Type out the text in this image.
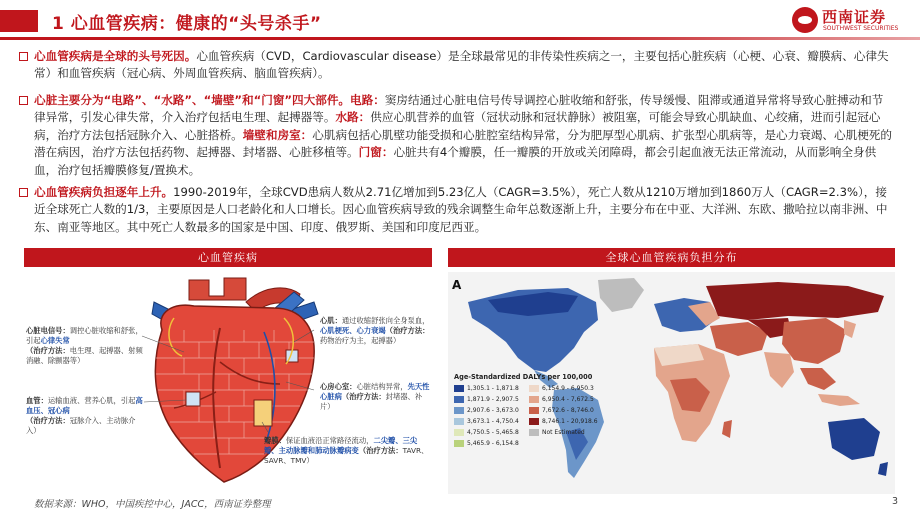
1 心血管疾病：健康的“头号杀手”	西南证券
SOUTHWEST SECURITIES
心血管疾病是全球的头号死因。心血管疾病（CVD，Cardiovascular disease）是全球最常见的非传染性疾病之一，主要包括心脏疾病（心梗、心衰、瓣膜病、心律失常）和血管疾病（冠心病、外周血管疾病、脑血管疾病）。
心脏主要分为“电路”、“水路”、“墙壁”和“门窗”四大部件。电路：窦房结通过心脏电信号传导调控心脏收缩和舒张，传导缓慢、阻滞或通道异常将导致心脏搏动和节律异常，引发心律失常，介入治疗包括电生理、起搏器等。水路：供应心肌营养的血管（冠状动脉和冠状静脉）被阻塞，可能会导致心肌缺血、心绞痛，进而引起冠心病，治疗方法包括冠脉介入、心脏搭桥。墙壁和房室：心肌病包括心肌壁功能受损和心脏腔室结构异常，分为肥厚型心肌病、扩张型心肌病等，是心力衰竭、心肌梗死的潜在病因，治疗方法包括药物、起搏器、封堵器、心脏移植等。门窗：心脏共有4个瓣膜，任一瓣膜的开放或关闭障碍，都会引起血液无法正常流动，从而影响全身供血，治疗包括瓣膜修复/置换术。
心血管疾病负担逐年上升。1990-2019年，全球CVD患病人数从2.71亿增加到5.23亿人（CAGR=3.5%），死亡人数从1210万增加到1860万人（CAGR=2.3%），接近全球死亡人数的1/3，主要原因是人口老龄化和人口增长。因心血管疾病导致的残余调整生命年总数逐渐上升，主要分布在中亚、大洋洲、东欧、撒哈拉以南非洲、中东、南亚等地区。其中死亡人数最多的国家是中国、印度、俄罗斯、美国和印度尼西亚。
心血管疾病	全球心血管疾病负担分布
心脏电信号：调控心脏收缩和舒张，引起心律失常
（治疗方法：电生理、起搏器、射频消融、除颤器等）
血管：运输血液、营养心肌，引起高血压、冠心病
（治疗方法：冠脉介入、主动脉介入）
心肌：通过收缩舒张向全身泵血，心肌梗死、心力衰竭（治疗方法：药物治疗为主，起搏器）
心房心室：心脏结构异常，先天性心脏病（治疗方法：封堵器、补片）
瓣膜：保证血液沿正常路径流动，二尖瓣、三尖瓣、主动脉瓣和肺动脉瓣病变（治疗方法：TAVR、SAVR、TMV）
A
Age-Standardized DALYs per 100,000
1,305.1 - 1,871.8
1,871.9 - 2,907.5
2,907.6 - 3,673.0
3,673.1 - 4,750.4
4,750.5 - 5,465.8
5,465.9 - 6,154.8
6,154.9 - 6,950.3
6,950.4 - 7,672.5
7,672.6 - 8,746.0
8,746.1 - 20,918.6
Not Estimated
数据来源：WHO，中国疾控中心，JACC，西南证券整理	3
